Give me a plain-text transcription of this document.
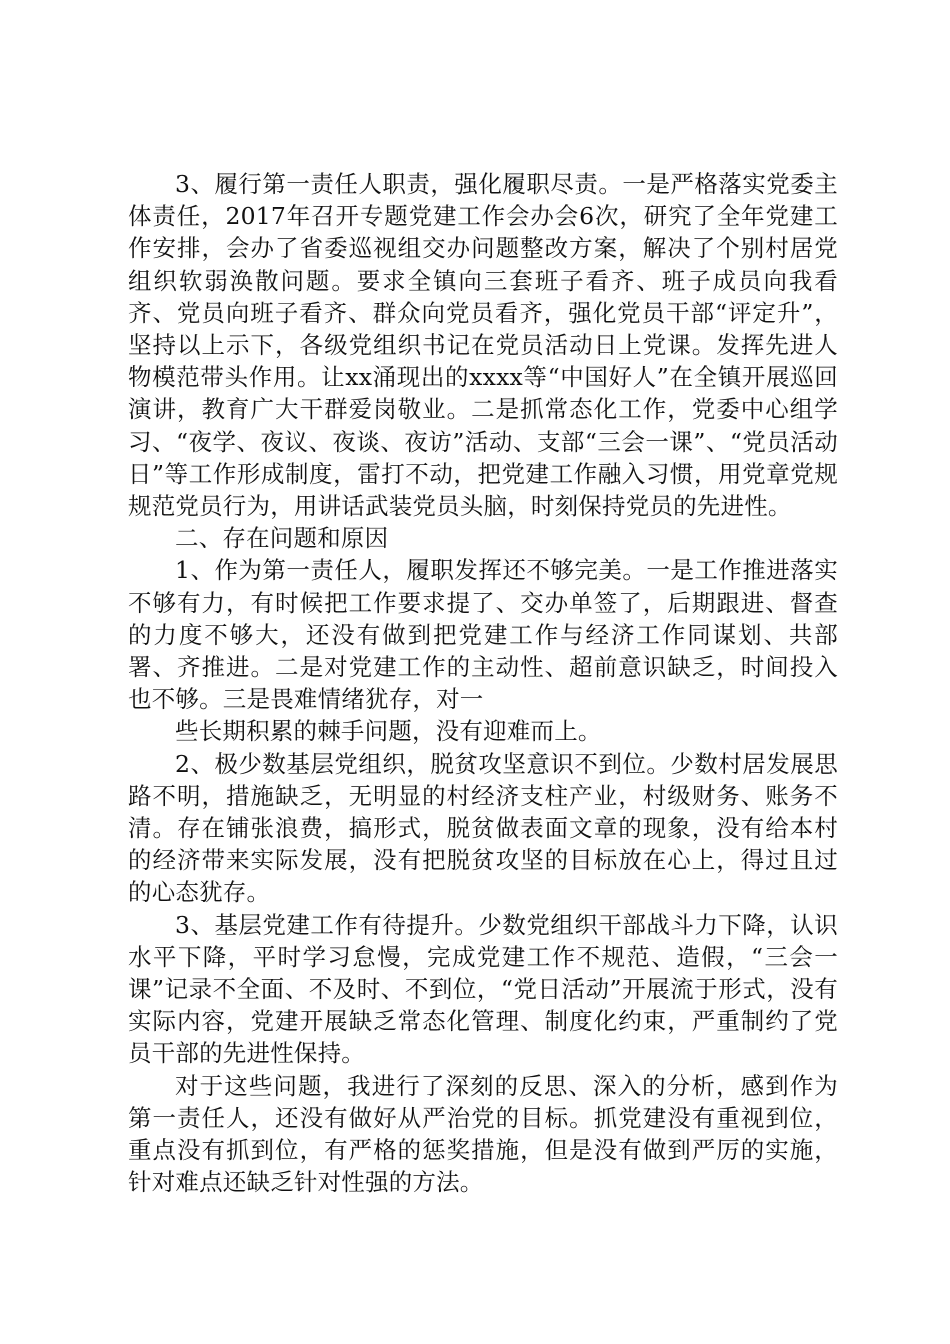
3、履行第一责任人职责，强化履职尽责。一是严格落实党委主体责任，2017年召开专题党建工作会办会6次，研究了全年党建工作安排，会办了省委巡视组交办问题整改方案，解决了个别村居党组织软弱涣散问题。要求全镇向三套班子看齐、班子成员向我看齐、党员向班子看齐、群众向党员看齐，强化党员干部“评定升”，坚持以上示下，各级党组织书记在党员活动日上党课。发挥先进人物模范带头作用。让xx涌现出的xxxx等“中国好人”在全镇开展巡回演讲，教育广大干群爱岗敬业。二是抓常态化工作，党委中心组学习、“夜学、夜议、夜谈、夜访”活动、支部“三会一课”、“党员活动日”等工作形成制度，雷打不动，把党建工作融入习惯，用党章党规规范党员行为，用讲话武装党员头脑，时刻保持党员的先进性。

二、存在问题和原因

1、作为第一责任人，履职发挥还不够完美。一是工作推进落实不够有力，有时候把工作要求提了、交办单签了，后期跟进、督查的力度不够大，还没有做到把党建工作与经济工作同谋划、共部署、齐推进。二是对党建工作的主动性、超前意识缺乏，时间投入也不够。三是畏难情绪犹存，对一

些长期积累的棘手问题，没有迎难而上。

2、极少数基层党组织，脱贫攻坚意识不到位。少数村居发展思路不明，措施缺乏，无明显的村经济支柱产业，村级财务、账务不清。存在铺张浪费，搞形式，脱贫做表面文章的现象，没有给本村的经济带来实际发展，没有把脱贫攻坚的目标放在心上，得过且过的心态犹存。

3、基层党建工作有待提升。少数党组织干部战斗力下降，认识水平下降，平时学习怠慢，完成党建工作不规范、造假，“三会一课”记录不全面、不及时、不到位，“党日活动”开展流于形式，没有实际内容，党建开展缺乏常态化管理、制度化约束，严重制约了党员干部的先进性保持。

对于这些问题，我进行了深刻的反思、深入的分析，感到作为第一责任人，还没有做好从严治党的目标。抓党建没有重视到位，重点没有抓到位，有严格的惩奖措施，但是没有做到严厉的实施，针对难点还缺乏针对性强的方法。
